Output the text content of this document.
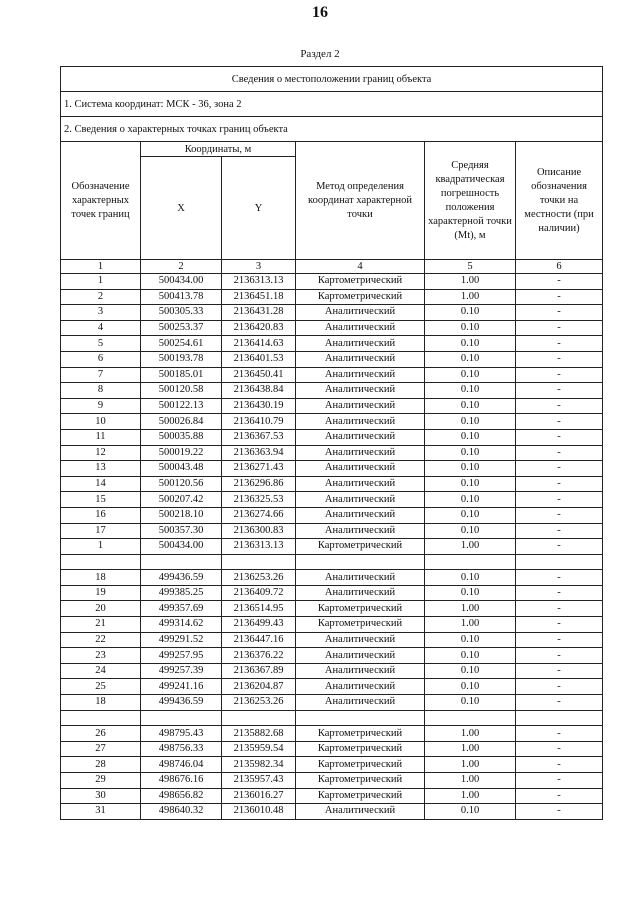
16
Раздел 2
Сведения о местоположении границ объекта					
1. Система координат: МСК - 36, зона 2					
2. Сведения о характерных точках границ объекта					
Обозначение характерных точек границ	Координаты, м		Метод определения координат характерной точки	Средняя квадратическая погрешность положения характерной точки (Mt), м	Описание обозначения точки на местности (при наличии)
	X	Y			
1	2	3	4	5	6
1	500434.00	2136313.13	Картометрический	1.00	-
2	500413.78	2136451.18	Картометрический	1.00	-
3	500305.33	2136431.28	Аналитический	0.10	-
4	500253.37	2136420.83	Аналитический	0.10	-
5	500254.61	2136414.63	Аналитический	0.10	-
6	500193.78	2136401.53	Аналитический	0.10	-
7	500185.01	2136450.41	Аналитический	0.10	-
8	500120.58	2136438.84	Аналитический	0.10	-
9	500122.13	2136430.19	Аналитический	0.10	-
10	500026.84	2136410.79	Аналитический	0.10	-
11	500035.88	2136367.53	Аналитический	0.10	-
12	500019.22	2136363.94	Аналитический	0.10	-
13	500043.48	2136271.43	Аналитический	0.10	-
14	500120.56	2136296.86	Аналитический	0.10	-
15	500207.42	2136325.53	Аналитический	0.10	-
16	500218.10	2136274.66	Аналитический	0.10	-
17	500357.30	2136300.83	Аналитический	0.10	-
1	500434.00	2136313.13	Картометрический	1.00	-

18	499436.59	2136253.26	Аналитический	0.10	-
19	499385.25	2136409.72	Аналитический	0.10	-
20	499357.69	2136514.95	Картометрический	1.00	-
21	499314.62	2136499.43	Картометрический	1.00	-
22	499291.52	2136447.16	Аналитический	0.10	-
23	499257.95	2136376.22	Аналитический	0.10	-
24	499257.39	2136367.89	Аналитический	0.10	-
25	499241.16	2136204.87	Аналитический	0.10	-
18	499436.59	2136253.26	Аналитический	0.10	-

26	498795.43	2135882.68	Картометрический	1.00	-
27	498756.33	2135959.54	Картометрический	1.00	-
28	498746.04	2135982.34	Картометрический	1.00	-
29	498676.16	2135957.43	Картометрический	1.00	-
30	498656.82	2136016.27	Картометрический	1.00	-
31	498640.32	2136010.48	Аналитический	0.10	-
